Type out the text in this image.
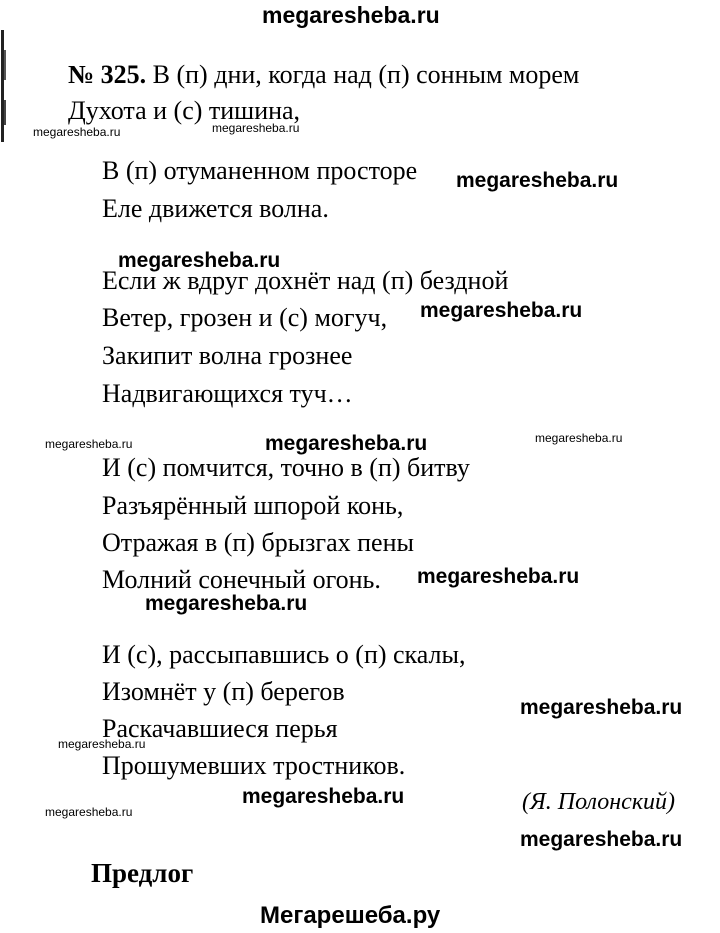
megaresheba.ru
№ 325. В (п) дни, когда над (п) сонным морем
Духота и (с) тишина,
megaresheba.ru	megaresheba.ru
В (п) отуманенном просторе megaresheba.ru
Еле движется волна.
megaresheba.ru
Если ж вдруг дохнёт над (п) бездной
Ветер, грозен и (с) могуч, megaresheba.ru
Закипит волна грознее
Надвигающихся туч…
megaresheba.ru	megaresheba.ru	megaresheba.ru
И (с) помчится, точно в (п) битву
Разъярённый шпорой конь,
Отражая в (п) брызгах пены
Молний сонечный огонь. megaresheba.ru
megaresheba.ru
И (с), рассыпавшись о (п) скалы,
Изомнёт у (п) берегов
megaresheba.ru
Раскачавшиеся перья
megaresheba.ru
Прошумевших тростников.
megaresheba.ru
megaresheba.ru	(Я. Полонский)
megaresheba.ru
Предлог
Мегарешеба.ру
